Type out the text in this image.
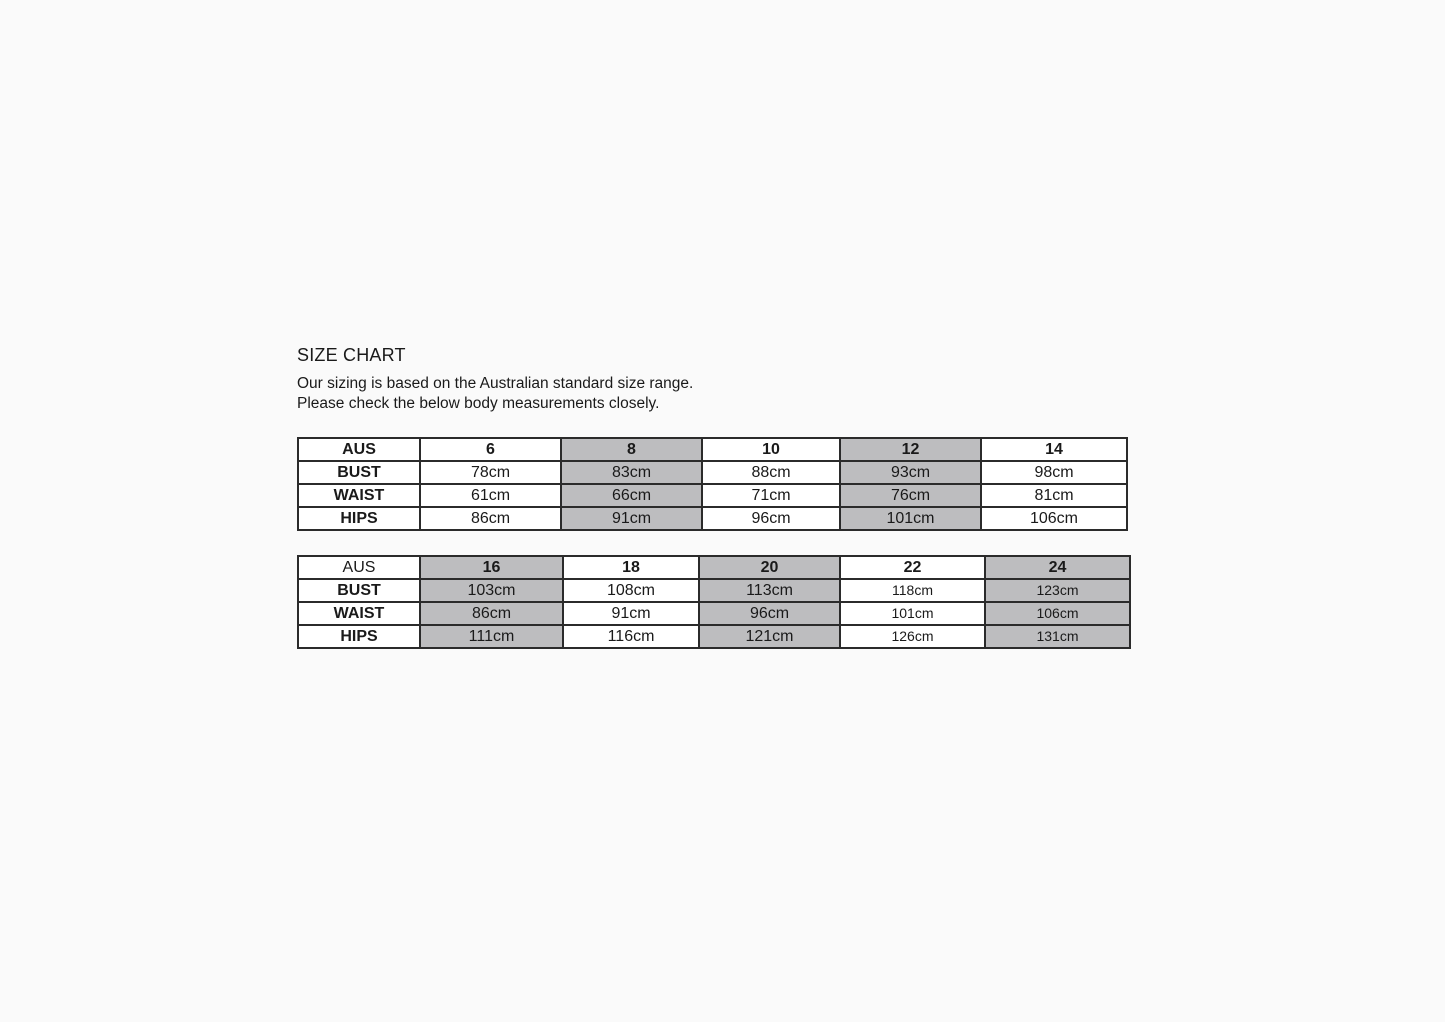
SIZE CHART
Our sizing is based on the Australian standard size range.
Please check the below body measurements closely.
AUS	6	8	10	12	14
BUST	78cm	83cm	88cm	93cm	98cm
WAIST	61cm	66cm	71cm	76cm	81cm
HIPS	86cm	91cm	96cm	101cm	106cm
AUS	16	18	20	22	24
BUST	103cm	108cm	113cm	118cm	123cm
WAIST	86cm	91cm	96cm	101cm	106cm
HIPS	111cm	116cm	121cm	126cm	131cm
